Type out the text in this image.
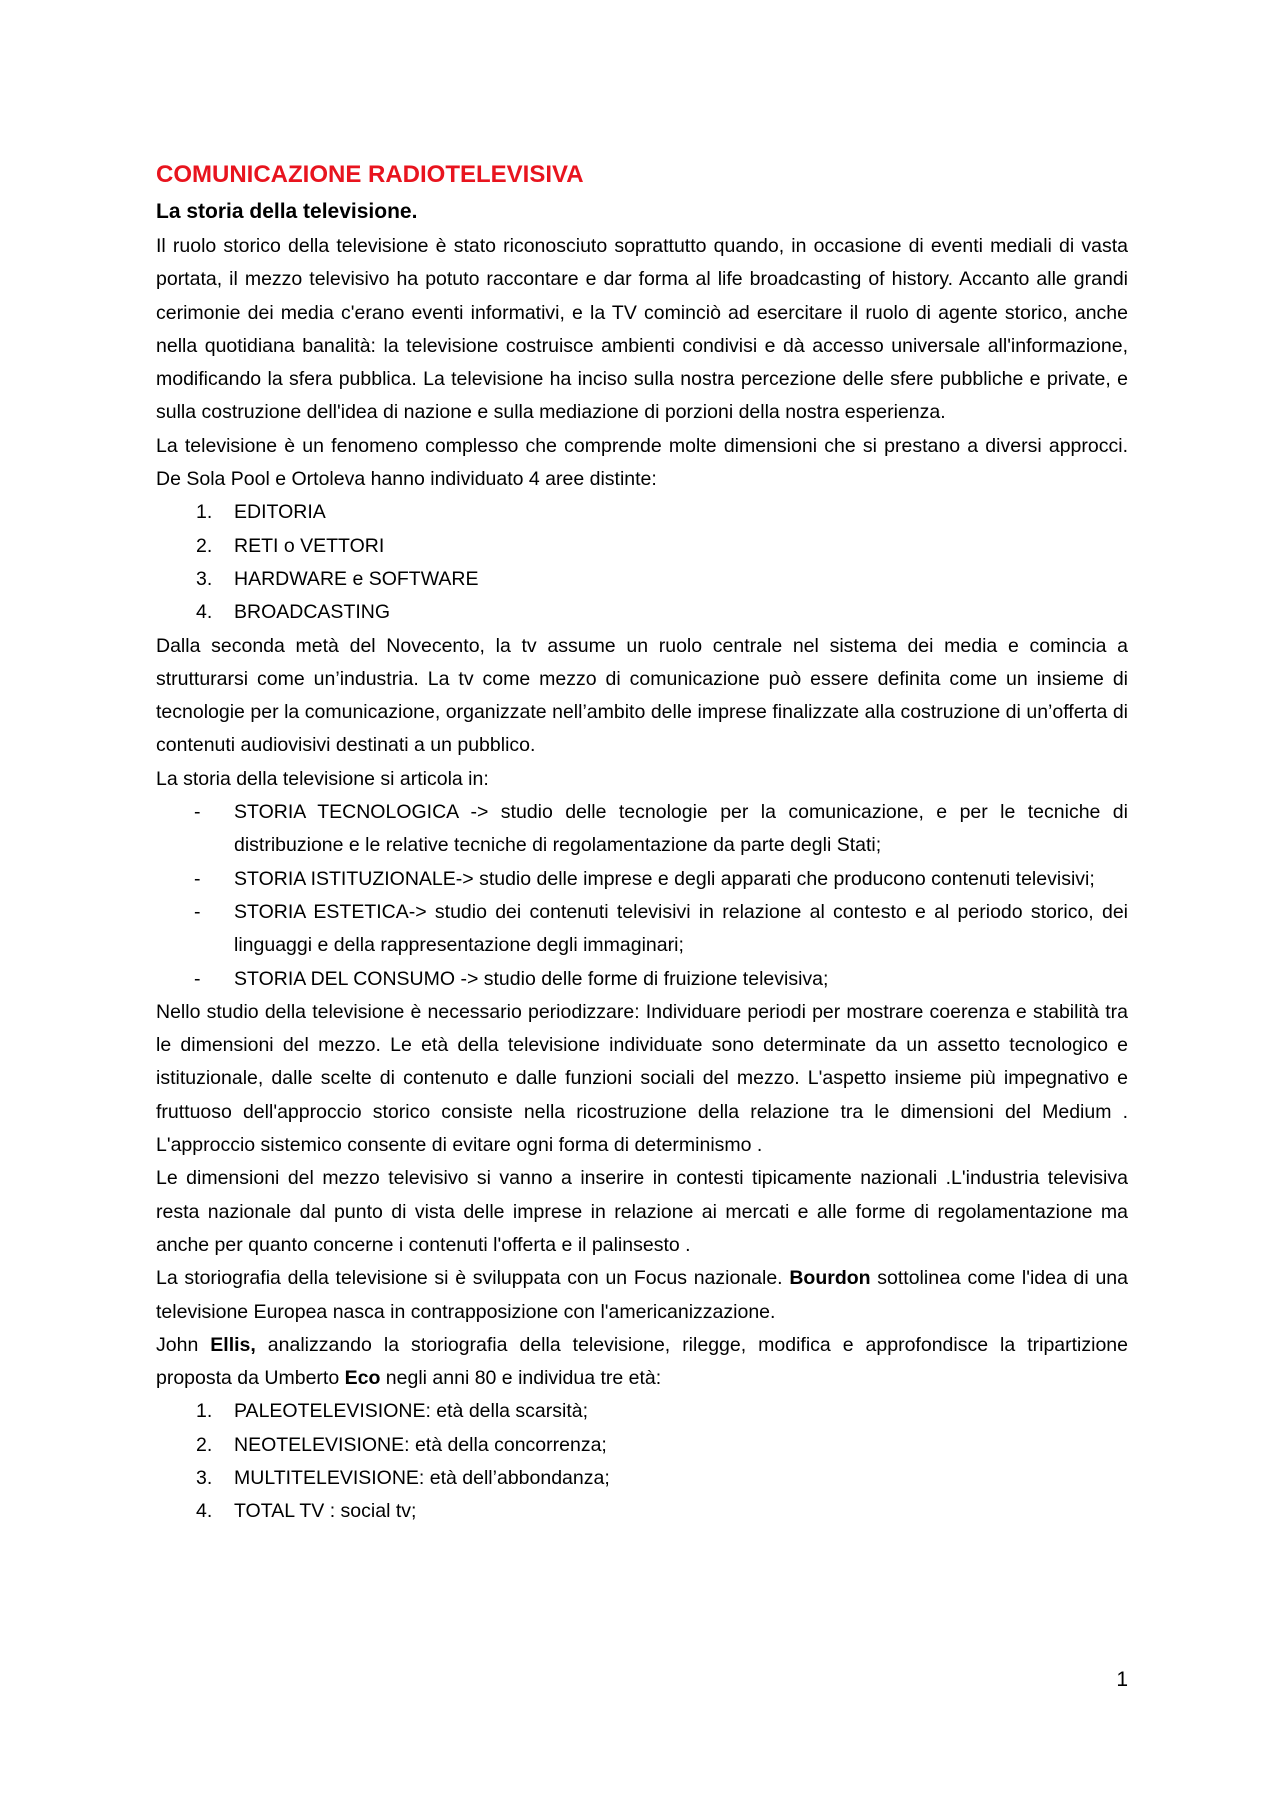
COMUNICAZIONE RADIOTELEVISIVA
La storia della televisione.

Il ruolo storico della televisione è stato riconosciuto soprattutto quando, in occasione di eventi mediali di vasta portata, il mezzo televisivo ha potuto raccontare e dar forma al life broadcasting of history. Accanto alle grandi cerimonie dei media c'erano eventi informativi, e la TV cominciò ad esercitare il ruolo di agente storico, anche nella quotidiana banalità: la televisione costruisce ambienti condivisi e dà accesso universale all'informazione, modificando la sfera pubblica. La televisione ha inciso sulla nostra percezione delle sfere pubbliche e private, e sulla costruzione dell'idea di nazione e sulla mediazione di porzioni della nostra esperienza.

La televisione è un fenomeno complesso che comprende molte dimensioni che si prestano a diversi approcci. De Sola Pool e Ortoleva hanno individuato 4 aree distinte:

1.	EDITORIA
2.	RETI o VETTORI
3.	HARDWARE e SOFTWARE
4.	BROADCASTING

Dalla seconda metà del Novecento, la tv assume un ruolo centrale nel sistema dei media e comincia a strutturarsi come un’industria. La tv come mezzo di comunicazione può essere definita come un insieme di tecnologie per la comunicazione, organizzate nell’ambito delle imprese finalizzate alla costruzione di un’offerta di contenuti audiovisivi destinati a un pubblico.

La storia della televisione si articola in:

- STORIA TECNOLOGICA -> studio delle tecnologie per la comunicazione, e per le tecniche di distribuzione e le relative tecniche di regolamentazione da parte degli Stati;
- STORIA ISTITUZIONALE-> studio delle imprese e degli apparati che producono contenuti televisivi;
- STORIA ESTETICA-> studio dei contenuti televisivi in relazione al contesto e al periodo storico, dei linguaggi e della rappresentazione degli immaginari;
- STORIA DEL CONSUMO -> studio delle forme di fruizione televisiva;

Nello studio della televisione è necessario periodizzare: Individuare periodi per mostrare coerenza e stabilità tra le dimensioni del mezzo. Le età della televisione individuate sono determinate da un assetto tecnologico e istituzionale, dalle scelte di contenuto e dalle funzioni sociali del mezzo. L'aspetto insieme più impegnativo e fruttuoso dell'approccio storico consiste nella ricostruzione della relazione tra le dimensioni del Medium . L'approccio sistemico consente di evitare ogni forma di determinismo .

Le dimensioni del mezzo televisivo si vanno a inserire in contesti tipicamente nazionali .L'industria televisiva resta nazionale dal punto di vista delle imprese in relazione ai mercati e alle forme di regolamentazione ma anche per quanto concerne i contenuti l'offerta e il palinsesto .

La storiografia della televisione si è sviluppata con un Focus nazionale. Bourdon sottolinea come l'idea di una televisione Europea nasca in contrapposizione con l'americanizzazione.

John Ellis, analizzando la storiografia della televisione, rilegge, modifica e approfondisce la tripartizione proposta da Umberto Eco negli anni 80 e individua tre età:

1.	PALEOTELEVISIONE: età della scarsità;
2.	NEOTELEVISIONE: età della concorrenza;
3.	MULTITELEVISIONE: età dell’abbondanza;
4.	TOTAL TV : social tv;
1
